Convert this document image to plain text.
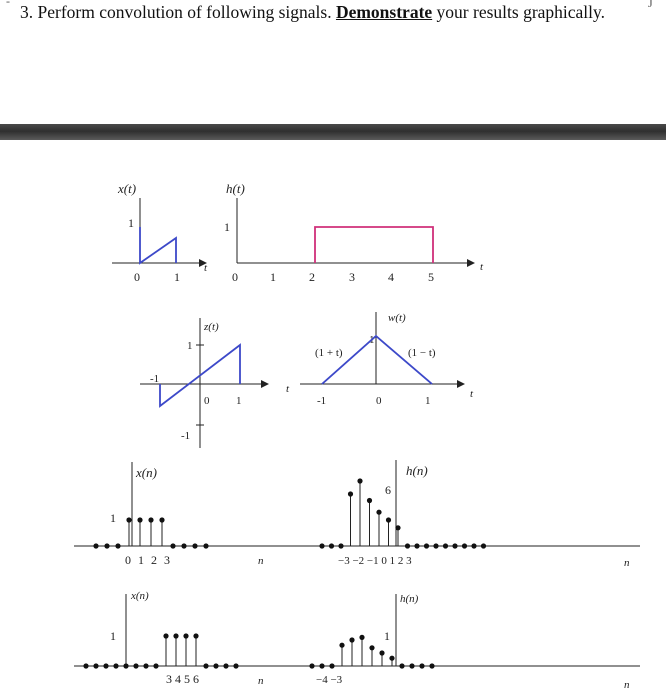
3. Perform convolution of following signals. Demonstrate your results graphically.
-	J
x(t)
1
0	1
t
h(t)
1
0	1	2	3	4	5
t
z(t)
1
-1
-1
0 1
t
w(t)
1
(1 + t)	(1 − t)
-1	0	1
t
x(n)
1
0 1 2 3	n
h(n)
6
−3 −2 −1 0 1 2 3	n
x(n)
1
3 4 5 6	n
h(n)
1
−4 −3	n
